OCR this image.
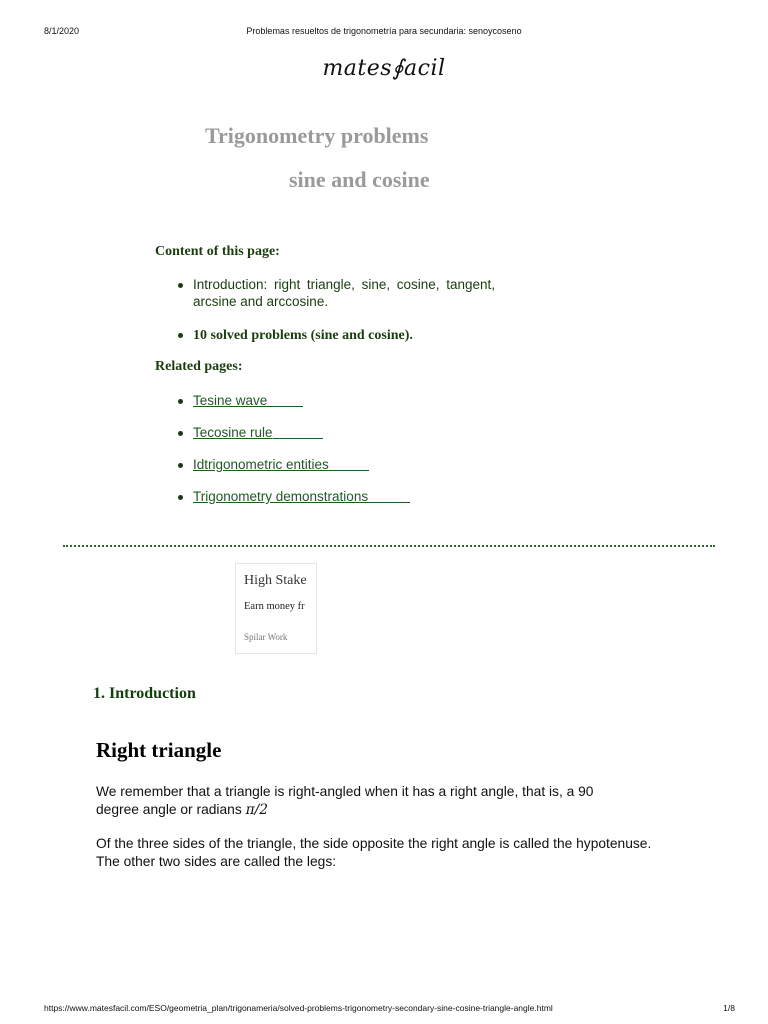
8/1/2020	Problemas resueltos de trigonometría para secundaria: senoycoseno
mates∮acil
Trigonometry problems
sine and cosine
Content of this page:
Introduction: right triangle, sine, cosine, tangent, arcsine and arccosine.
10 solved problems (sine and cosine).
Related pages:
Tesine wave
Tecosine rule
Idtrigonometric entities
Trigonometry demonstrations
High Stake
Earn money fr
Spilar Work
1. Introduction
Right triangle
We remember that a triangle is right-angled when it has a right angle, that is, a 90 degree angle or radians π/2
Of the three sides of the triangle, the side opposite the right angle is called the hypotenuse. The other two sides are called the legs:
https://www.matesfacil.com/ESO/geometria_plan/trigonameria/solved-problems-trigonometry-secondary-sine-cosine-triangle-angle.html	1/8
